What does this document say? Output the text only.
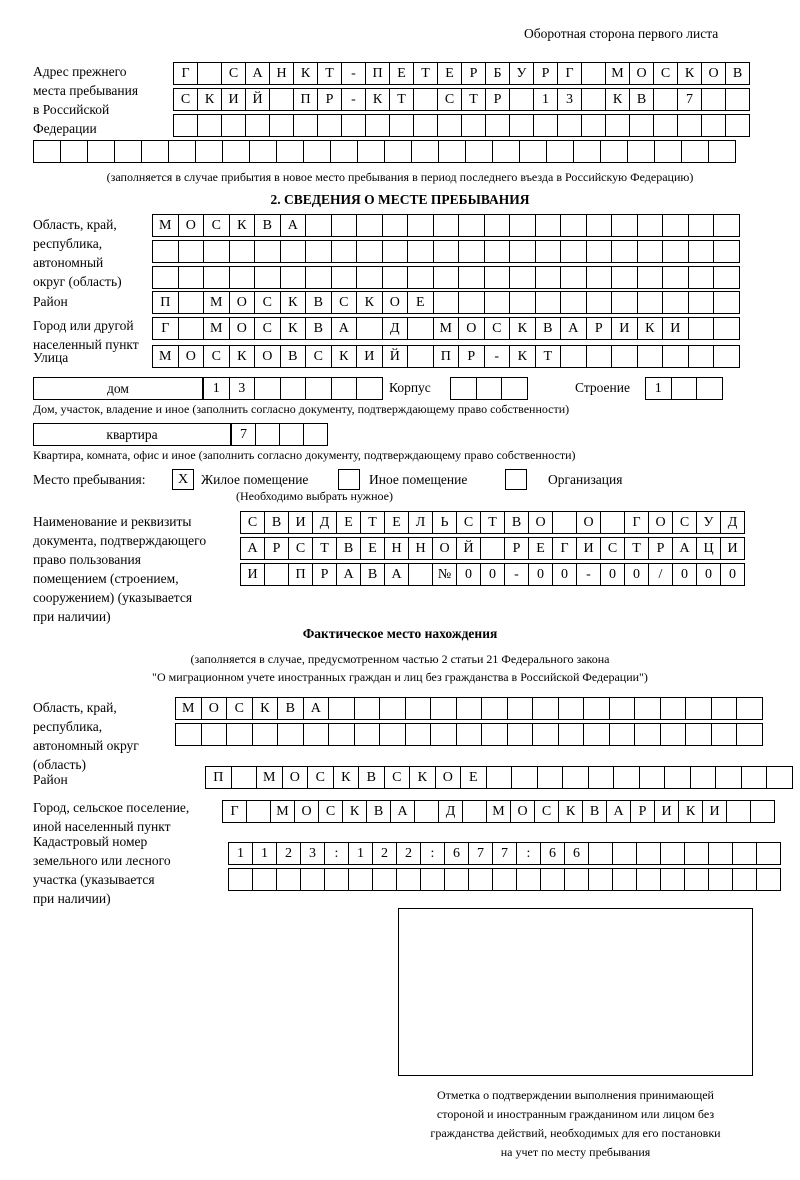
Оборотная сторона первого листа
Адрес прежнего
места пребывания
в Российской
Федерации
Г	С	А Н	К	Т	-	П	Е	Т	Е	Р	Б	У	Р	Г	М О	С	К	О	В
С	К	И Й	П	Р	-	К	Т	С	Т	Р	1	3	К	В	7
(заполняется в случае прибытия в новое место пребывания в период последнего въезда в Российскую Федерацию)
2. СВЕДЕНИЯ О МЕСТЕ ПРЕБЫВАНИЯ
Область, край,
республика,
автономный
округ (область)
М	О	С	К	В	А
Район	П	М	О	С	К	В	С	К	О	Е
Город или другой
населенный пункт
Г	М	О	С	К	В	А	Д	М	О	С	К	В	А	Р	И	К	И
Улица	М	О	С	К	О	В	С	К	И	Й	П	Р	-	К	Т
дом	1	3	Корпус	Строение	1
Дом, участок, владение и иное (заполнить согласно документу, подтверждающему право собственности)
квартира	7
Квартира, комната, офис и иное (заполнить согласно документу, подтверждающему право собственности)
Место пребывания:	X Жилое помещение	Иное помещение	Организация
(Необходимо выбрать нужное)
Наименование и реквизиты
документа, подтверждающего
право пользования
помещением (строением,
сооружением) (указывается
при наличии)
С	В	И	Д	Е	Т	Е	Л	Ь	С	Т	В	О	О	Г	О	С	У	Д
А	Р	С	Т	В	Е	Н Н О Й	Р	Е	Г	И	С	Т	Р	А Ц И
И	П	Р	А	В	А	№ 0	0	-	0	0	-	0	0	/	0	0	0
Фактическое место нахождения
(заполняется в случае, предусмотренном частью 2 статьи 21 Федерального закона
"О миграционном учете иностранных граждан и лиц без гражданства в Российской Федерации")
Область, край,
республика,
автономный округ
(область)
М	О	С	К	В	А
Район	П	М	О	С	К	В	С	К	О	Е
Город, сельское поселение,
иной населенный пункт
Г	М О	С	К	В	А	Д	М О	С	К	В	А	Р	И	К	И
Кадастровый номер
земельного или лесного
участка (указывается
при наличии)
1	1	2	3	:	1	2	2	:	6	7	7	:	6	6
Отметка о подтверждении выполнения принимающей
стороной и иностранным гражданином или лицом без
гражданства действий, необходимых для его постановки
на учет по месту пребывания
